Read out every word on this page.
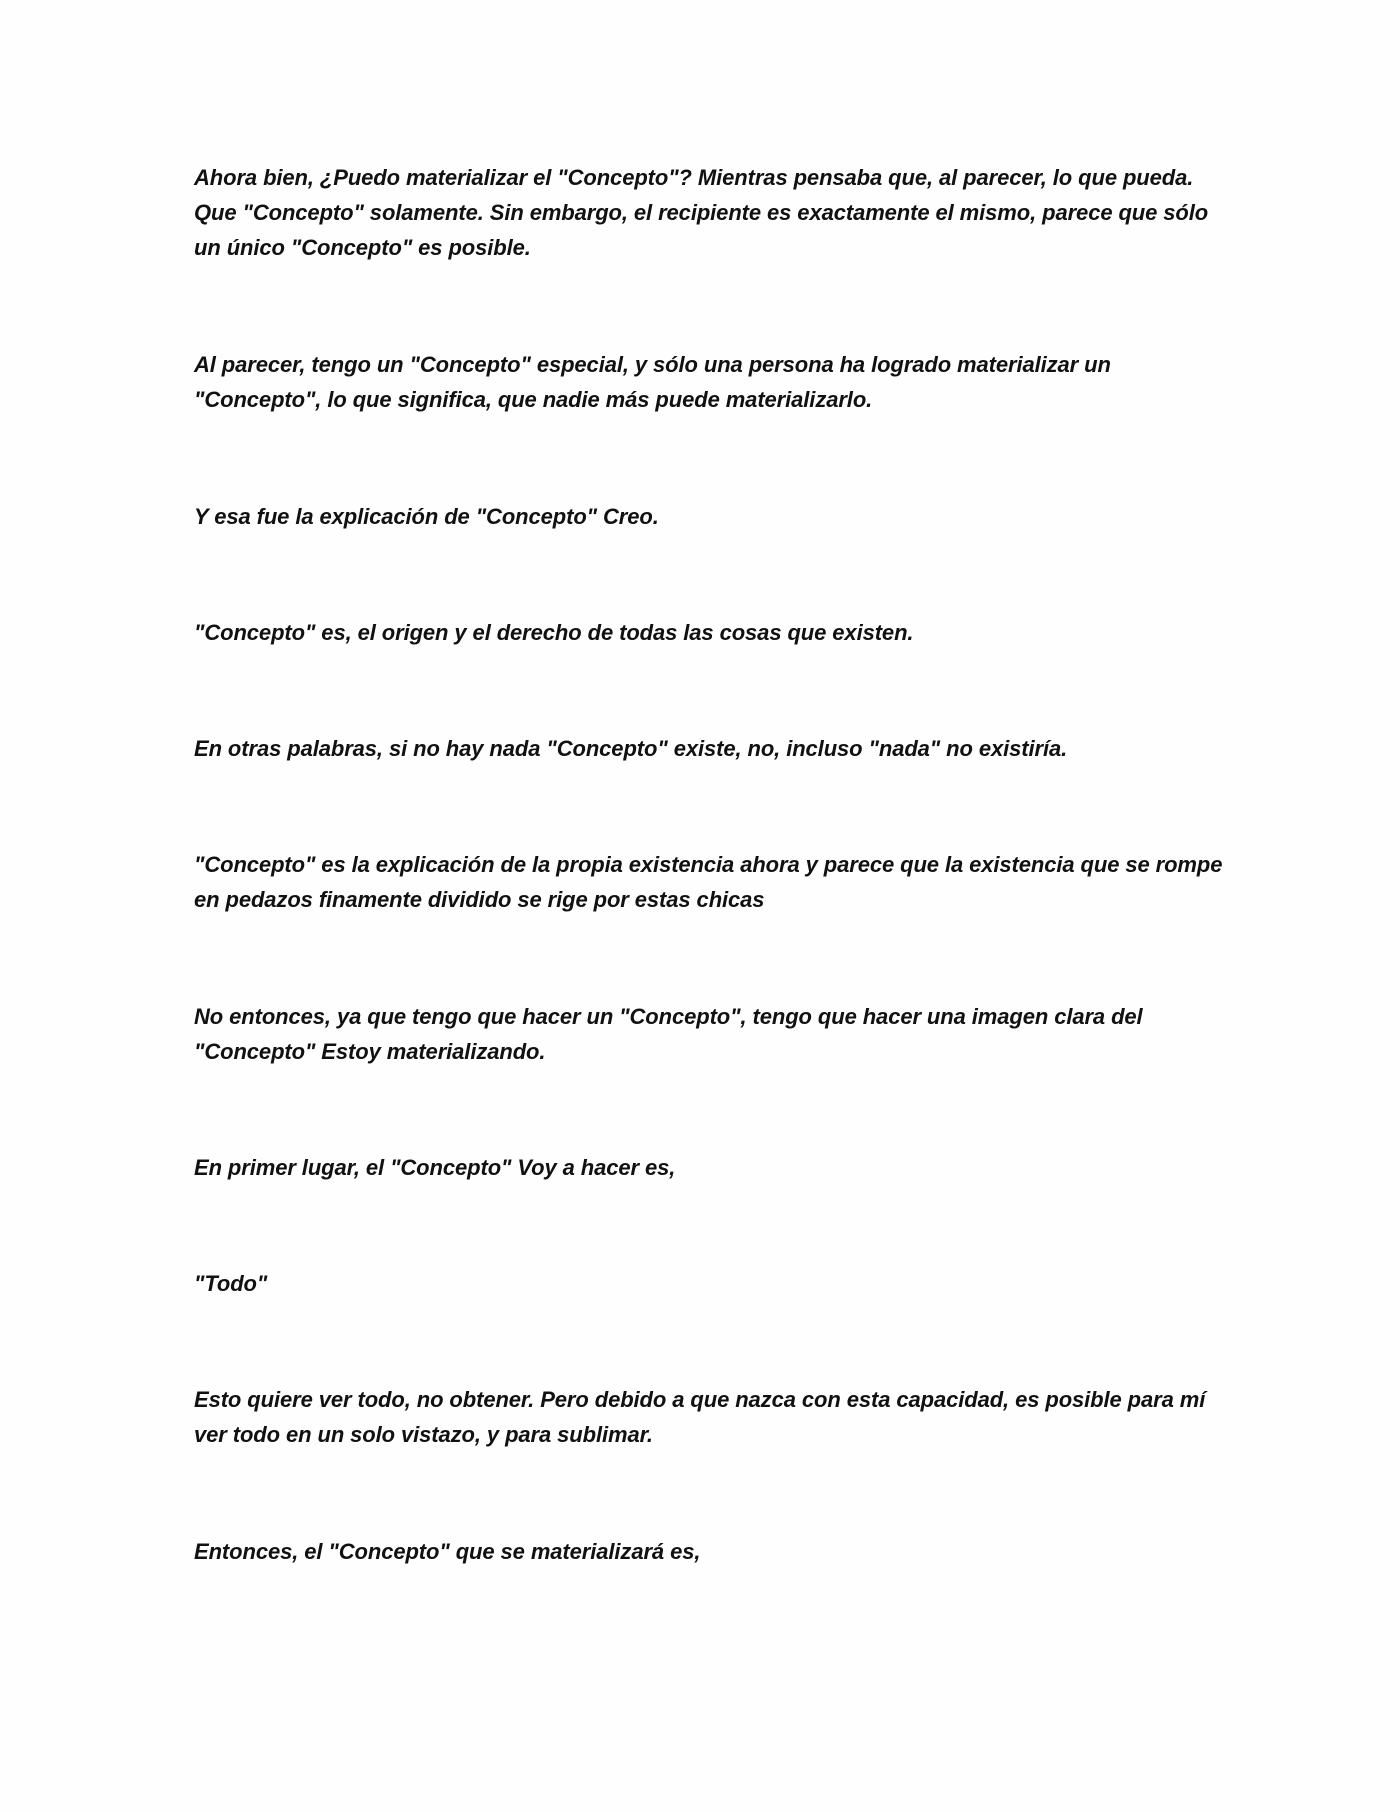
Ahora bien, ¿Puedo materializar el "Concepto"? Mientras pensaba que, al parecer, lo que pueda. Que "Concepto" solamente. Sin embargo, el recipiente es exactamente el mismo, parece que sólo un único "Concepto" es posible.

Al parecer, tengo un "Concepto" especial, y sólo una persona ha logrado materializar un "Concepto", lo que significa, que nadie más puede materializarlo.

Y esa fue la explicación de "Concepto" Creo.

"Concepto" es, el origen y el derecho de todas las cosas que existen.

En otras palabras, si no hay nada "Concepto" existe, no, incluso "nada" no existiría.

"Concepto" es la explicación de la propia existencia ahora y parece que la existencia que se rompe en pedazos finamente dividido se rige por estas chicas

No entonces, ya que tengo que hacer un "Concepto", tengo que hacer una imagen clara del "Concepto" Estoy materializando.

En primer lugar, el "Concepto" Voy a hacer es,

"Todo"

Esto quiere ver todo, no obtener. Pero debido a que nazca con esta capacidad, es posible para mí ver todo en un solo vistazo, y para sublimar.

Entonces, el "Concepto" que se materializará es,
